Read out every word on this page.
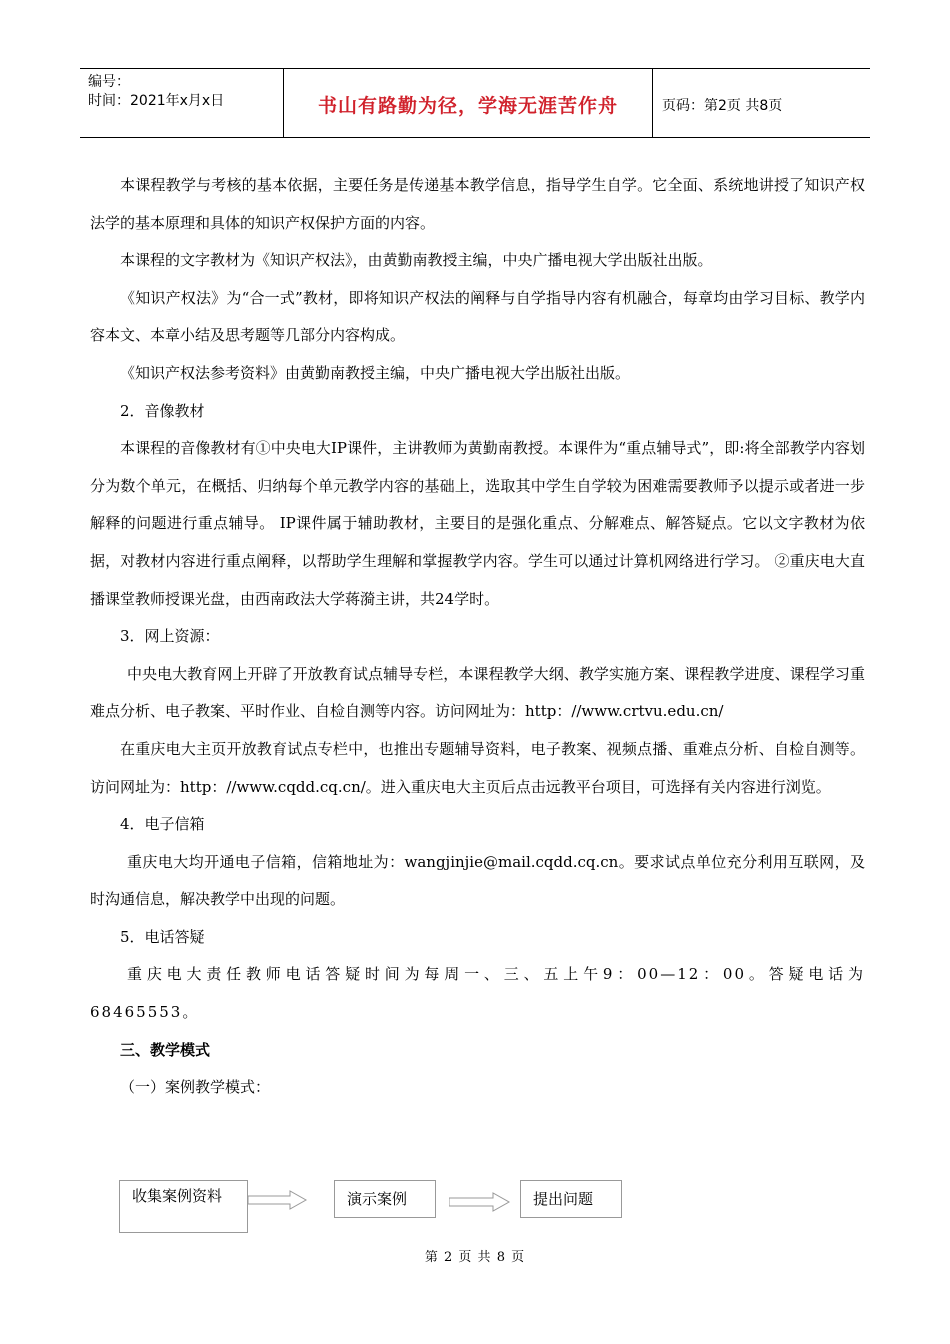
编号：
时间：2021年x月x日	书山有路勤为径，学海无涯苦作舟	页码：第2页 共8页

本课程教学与考核的基本依据，主要任务是传递基本教学信息，指导学生自学。它全面、系统地讲授了知识产权法学的基本原理和具体的知识产权保护方面的内容。

本课程的文字教材为《知识产权法》，由黄勤南教授主编，中央广播电视大学出版社出版。

《知识产权法》为“合一式”教材，即将知识产权法的阐释与自学指导内容有机融合，每章均由学习目标、教学内容本文、本章小结及思考题等几部分内容构成。

《知识产权法参考资料》由黄勤南教授主编，中央广播电视大学出版社出版。

2．音像教材

本课程的音像教材有①中央电大IP课件，主讲教师为黄勤南教授。本课件为“重点辅导式”，即:将全部教学内容划分为数个单元，在概括、归纳每个单元教学内容的基础上，选取其中学生自学较为困难需要教师予以提示或者进一步解释的问题进行重点辅导。 IP课件属于辅助教材，主要目的是强化重点、分解难点、解答疑点。它以文字教材为依据，对教材内容进行重点阐释，以帮助学生理解和掌握教学内容。学生可以通过计算机网络进行学习。 ②重庆电大直播课堂教师授课光盘，由西南政法大学蒋漪主讲，共24学时。

3．网上资源：

中央电大教育网上开辟了开放教育试点辅导专栏，本课程教学大纲、教学实施方案、课程教学进度、课程学习重难点分析、电子教案、平时作业、自检自测等内容。访问网址为：http：//www.crtvu.edu.cn/

在重庆电大主页开放教育试点专栏中，也推出专题辅导资料，电子教案、视频点播、重难点分析、自检自测等。访问网址为：http：//www.cqdd.cq.cn/。进入重庆电大主页后点击远教平台项目，可选择有关内容进行浏览。

4．电子信箱

重庆电大均开通电子信箱，信箱地址为：wangjinjie@mail.cqdd.cq.cn。要求试点单位充分利用互联网，及时沟通信息，解决教学中出现的问题。

5．电话答疑

重庆电大责任教师电话答疑时间为每周一、三、五上午9：00—12：00。答疑电话为68465553。

三、教学模式

（一）案例教学模式：

收集案例资料	演示案例	提出问题
第 2 页 共 8 页
